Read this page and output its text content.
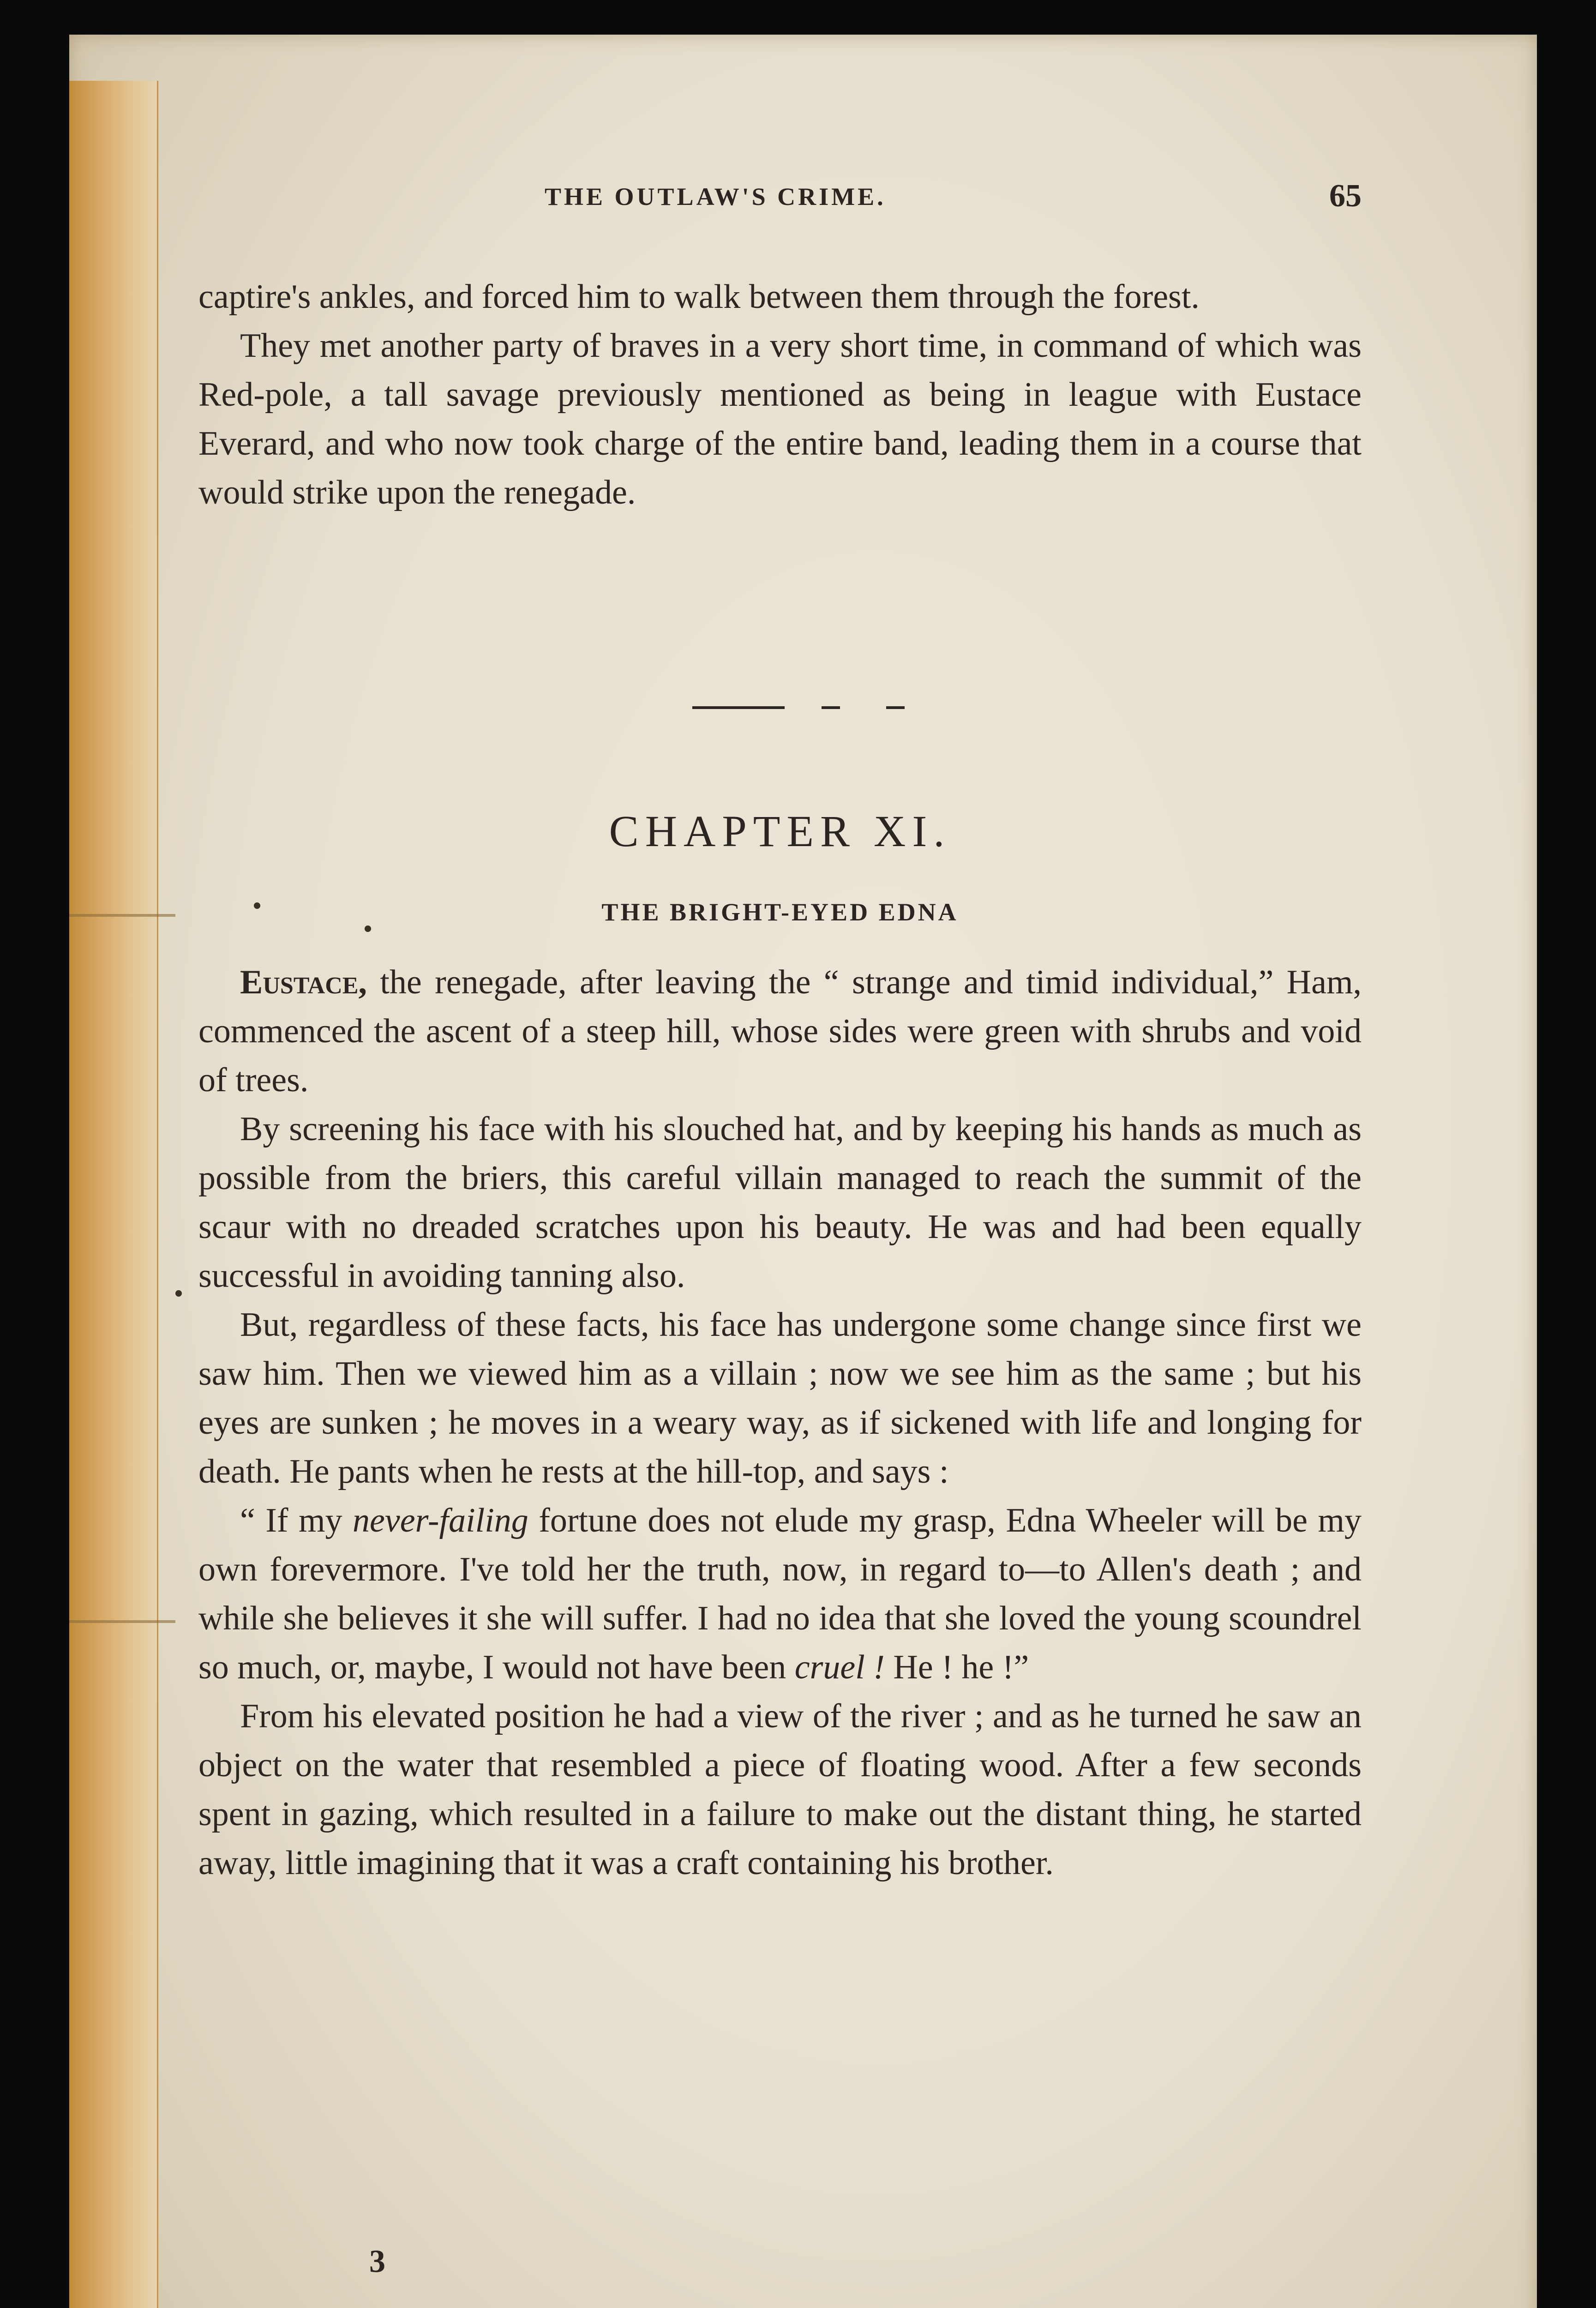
THE OUTLAW'S CRIME.	65

captire's ankles, and forced him to walk between them through the forest.

They met another party of braves in a very short time, in command of which was Red-pole, a tall savage previously mentioned as being in league with Eustace Everard, and who now took charge of the entire band, leading them in a course that would strike upon the renegade.

CHAPTER XI.
THE BRIGHT-EYED EDNA

Eustace, the renegade, after leaving the “ strange and timid individual,” Ham, commenced the ascent of a steep hill, whose sides were green with shrubs and void of trees.

By screening his face with his slouched hat, and by keeping his hands as much as possible from the briers, this careful villain managed to reach the summit of the scaur with no dreaded scratches upon his beauty. He was and had been equally successful in avoiding tanning also.

But, regardless of these facts, his face has undergone some change since first we saw him. Then we viewed him as a villain ; now we see him as the same ; but his eyes are sunken ; he moves in a weary way, as if sickened with life and longing for death. He pants when he rests at the hill-top, and says :

“ If my never-failing fortune does not elude my grasp, Edna Wheeler will be my own forevermore. I've told her the truth, now, in regard to—to Allen's death ; and while she believes it she will suffer. I had no idea that she loved the young scoundrel so much, or, maybe, I would not have been cruel ! He ! he !”

From his elevated position he had a view of the river ; and as he turned he saw an object on the water that resembled a piece of floating wood. After a few seconds spent in gazing, which resulted in a failure to make out the distant thing, he started away, little imagining that it was a craft containing his brother.

3
